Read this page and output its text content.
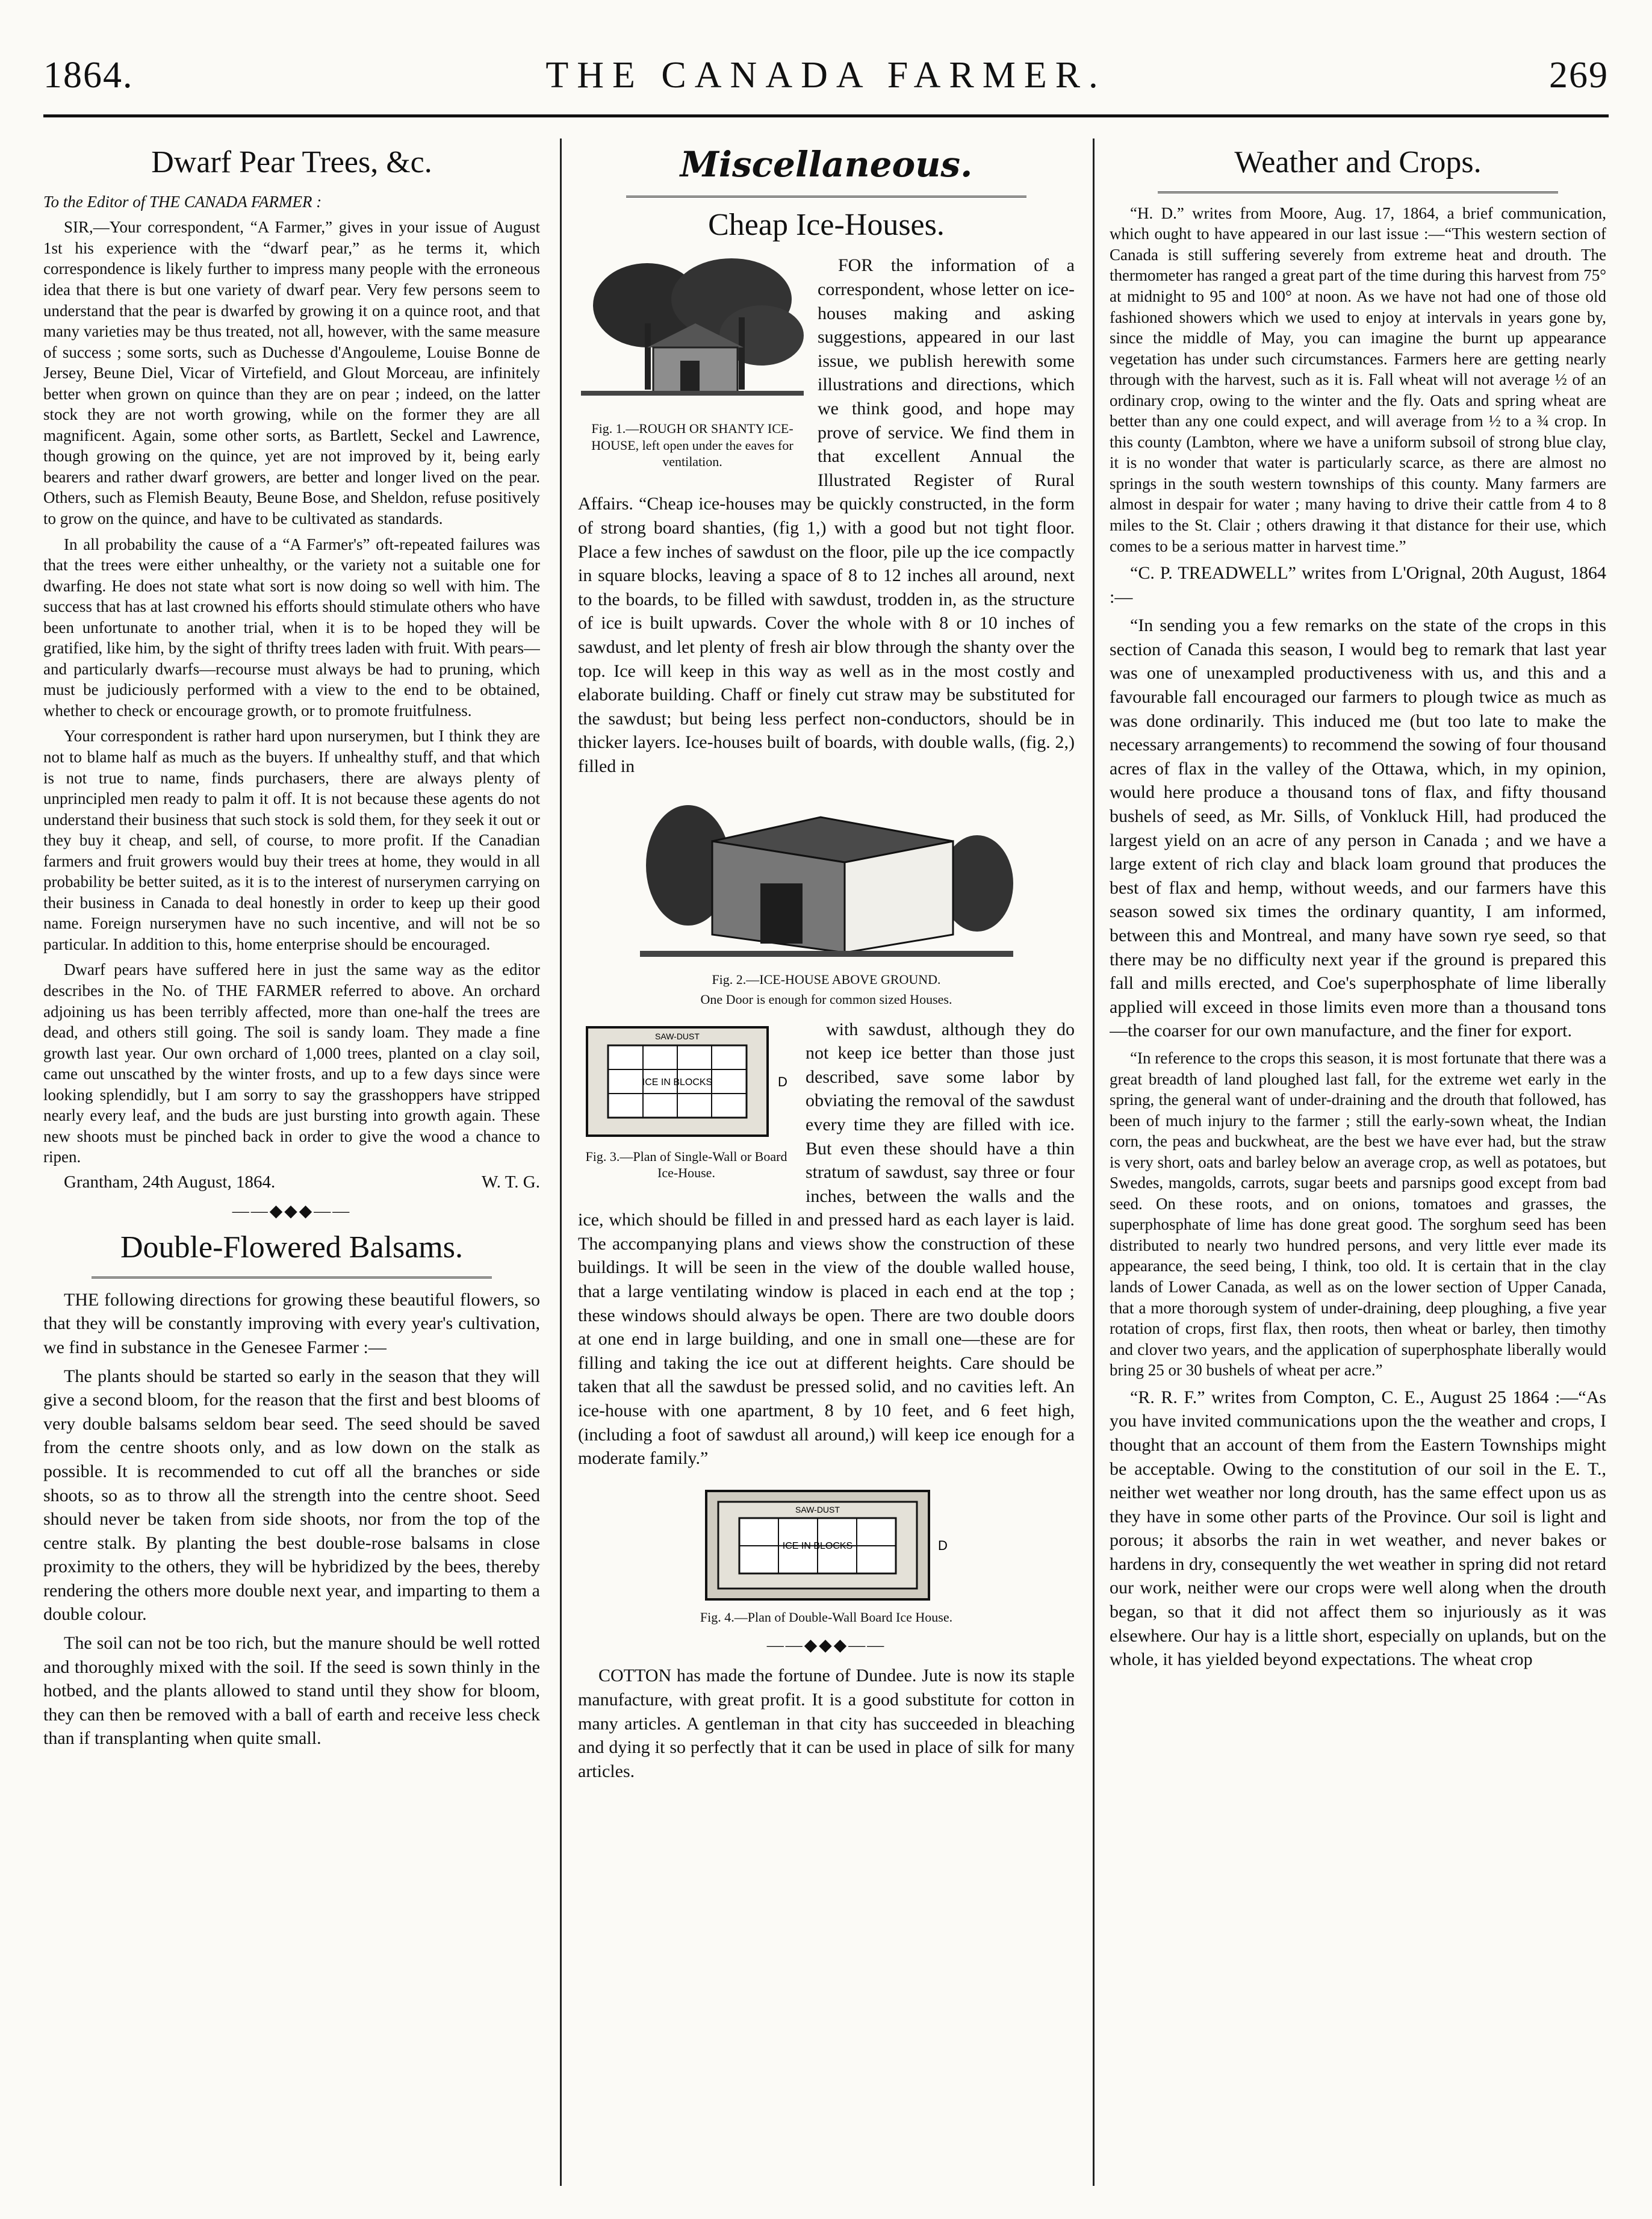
1864.	THE CANADA FARMER.	269
Dwarf Pear Trees, &c.

To the Editor of THE CANADA FARMER :

SIR,—Your correspondent, “A Farmer,” gives in your issue of August 1st his experience with the “dwarf pear,” as he terms it, which correspondence is likely further to impress many people with the erroneous idea that there is but one variety of dwarf pear. Very few persons seem to understand that the pear is dwarfed by growing it on a quince root, and that many varieties may be thus treated, not all, however, with the same measure of success ; some sorts, such as Duchesse d'Angouleme, Louise Bonne de Jersey, Beune Diel, Vicar of Virtefield, and Glout Morceau, are infinitely better when grown on quince than they are on pear ; indeed, on the latter stock they are not worth growing, while on the former they are all magnificent. Again, some other sorts, as Bartlett, Seckel and Lawrence, though growing on the quince, yet are not improved by it, being early bearers and rather dwarf growers, are better and longer lived on the pear. Others, such as Flemish Beauty, Beune Bose, and Sheldon, refuse positively to grow on the quince, and have to be cultivated as standards.

In all probability the cause of a “A Farmer's” oft-repeated failures was that the trees were either unhealthy, or the variety not a suitable one for dwarfing. He does not state what sort is now doing so well with him. The success that has at last crowned his efforts should stimulate others who have been unfortunate to another trial, when it is to be hoped they will be gratified, like him, by the sight of thrifty trees laden with fruit. With pears—and particularly dwarfs—recourse must always be had to pruning, which must be judiciously performed with a view to the end to be obtained, whether to check or encourage growth, or to promote fruitfulness.

Your correspondent is rather hard upon nurserymen, but I think they are not to blame half as much as the buyers. If unhealthy stuff, and that which is not true to name, finds purchasers, there are always plenty of unprincipled men ready to palm it off. It is not because these agents do not understand their business that such stock is sold them, for they seek it out or they buy it cheap, and sell, of course, to more profit. If the Canadian farmers and fruit growers would buy their trees at home, they would in all probability be better suited, as it is to the interest of nurserymen carrying on their business in Canada to deal honestly in order to keep up their good name. Foreign nurserymen have no such incentive, and will not be so particular. In addition to this, home enterprise should be encouraged.

Dwarf pears have suffered here in just the same way as the editor describes in the No. of THE FARMER referred to above. An orchard adjoining us has been terribly affected, more than one-half the trees are dead, and others still going. The soil is sandy loam. They made a fine growth last year. Our own orchard of 1,000 trees, planted on a clay soil, came out unscathed by the winter frosts, and up to a few days since were looking splendidly, but I am sorry to say the grasshoppers have stripped nearly every leaf, and the buds are just bursting into growth again. These new shoots must be pinched back in order to give the wood a chance to ripen.

Grantham, 24th August, 1864.	W. T. G.
——◆◆◆——
Double-Flowered Balsams.

THE following directions for growing these beautiful flowers, so that they will be constantly improving with every year's cultivation, we find in substance in the Genesee Farmer :—

The plants should be started so early in the season that they will give a second bloom, for the reason that the first and best blooms of very double balsams seldom bear seed. The seed should be saved from the centre shoots only, and as low down on the stalk as possible. It is recommended to cut off all the branches or side shoots, so as to throw all the strength into the centre shoot. Seed should never be taken from side shoots, nor from the top of the centre stalk. By planting the best double-rose balsams in close proximity to the others, they will be hybridized by the bees, thereby rendering the others more double next year, and imparting to them a double colour.

The soil can not be too rich, but the manure should be well rotted and thoroughly mixed with the soil. If the seed is sown thinly in the hotbed, and the plants allowed to stand until they show for bloom, they can then be removed with a ball of earth and receive less check than if transplanting when quite small.

Miscellaneous.
Cheap Ice-Houses.
Fig. 1.—ROUGH OR SHANTY ICE-HOUSE, left open under the eaves for ventilation.

FOR the information of a correspondent, whose letter on ice-houses making and asking suggestions, appeared in our last issue, we publish herewith some illustrations and directions, which we think good, and hope may prove of service. We find them in that excellent Annual the Illustrated Register of Rural Affairs. “Cheap ice-houses may be quickly constructed, in the form of strong board shanties, (fig 1,) with a good but not tight floor. Place a few inches of sawdust on the floor, pile up the ice compactly in square blocks, leaving a space of 8 to 12 inches all around, next to the boards, to be filled with sawdust, trodden in, as the structure of ice is built upwards. Cover the whole with 8 or 10 inches of sawdust, and let plenty of fresh air blow through the shanty over the top. Ice will keep in this way as well as in the most costly and elaborate building. Chaff or finely cut straw may be substituted for the sawdust; but being less perfect non-conductors, should be in thicker layers. Ice-houses built of boards, with double walls, (fig. 2,) filled in

Fig. 2.—ICE-HOUSE ABOVE GROUND.
One Door is enough for common sized Houses.
SAW-DUST
ICE IN BLOCKS	D
Fig. 3.—Plan of Single-Wall or Board Ice-House.

with sawdust, although they do not keep ice better than those just described, save some labor by obviating the removal of the sawdust every time they are filled with ice. But even these should have a thin stratum of sawdust, say three or four inches, between the walls and the ice, which should be filled in and pressed hard as each layer is laid. The accompanying plans and views show the construction of these buildings. It will be seen in the view of the double walled house, that a large ventilating window is placed in each end at the top ; these windows should always be open. There are two double doors at one end in large building, and one in small one—these are for filling and taking the ice out at different heights. Care should be taken that all the sawdust be pressed solid, and no cavities left. An ice-house with one apartment, 8 by 10 feet, and 6 feet high, (including a foot of sawdust all around,) will keep ice enough for a moderate family.”

SAW-DUST
ICE IN BLOCKS	D
Fig. 4.—Plan of Double-Wall Board Ice House.
——◆◆◆——

COTTON has made the fortune of Dundee. Jute is now its staple manufacture, with great profit. It is a good substitute for cotton in many articles. A gentleman in that city has succeeded in bleaching and dying it so perfectly that it can be used in place of silk for many articles.

Weather and Crops.

“H. D.” writes from Moore, Aug. 17, 1864, a brief communication, which ought to have appeared in our last issue :—“This western section of Canada is still suffering severely from extreme heat and drouth. The thermometer has ranged a great part of the time during this harvest from 75° at midnight to 95 and 100° at noon. As we have not had one of those old fashioned showers which we used to enjoy at intervals in years gone by, since the middle of May, you can imagine the burnt up appearance vegetation has under such circumstances. Farmers here are getting nearly through with the harvest, such as it is. Fall wheat will not average ½ of an ordinary crop, owing to the winter and the fly. Oats and spring wheat are better than any one could expect, and will average from ½ to a ¾ crop. In this county (Lambton, where we have a uniform subsoil of strong blue clay, it is no wonder that water is particularly scarce, as there are almost no springs in the south western townships of this county. Many farmers are almost in despair for water ; many having to drive their cattle from 4 to 8 miles to the St. Clair ; others drawing it that distance for their use, which comes to be a serious matter in harvest time.”

“C. P. TREADWELL” writes from L'Orignal, 20th August, 1864 :—

“In sending you a few remarks on the state of the crops in this section of Canada this season, I would beg to remark that last year was one of unexampled productiveness with us, and this and a favourable fall encouraged our farmers to plough twice as much as was done ordinarily. This induced me (but too late to make the necessary arrangements) to recommend the sowing of four thousand acres of flax in the valley of the Ottawa, which, in my opinion, would here produce a thousand tons of flax, and fifty thousand bushels of seed, as Mr. Sills, of Vonkluck Hill, had produced the largest yield on an acre of any person in Canada ; and we have a large extent of rich clay and black loam ground that produces the best of flax and hemp, without weeds, and our farmers have this season sowed six times the ordinary quantity, I am informed, between this and Montreal, and many have sown rye seed, so that there may be no difficulty next year if the ground is prepared this fall and mills erected, and Coe's superphosphate of lime liberally applied will exceed in those limits even more than a thousand tons—the coarser for our own manufacture, and the finer for export.

“In reference to the crops this season, it is most fortunate that there was a great breadth of land ploughed last fall, for the extreme wet early in the spring, the general want of under-draining and the drouth that followed, has been of much injury to the farmer ; still the early-sown wheat, the Indian corn, the peas and buckwheat, are the best we have ever had, but the straw is very short, oats and barley below an average crop, as well as potatoes, but Swedes, mangolds, carrots, sugar beets and parsnips good except from bad seed. On these roots, and on onions, tomatoes and grasses, the superphosphate of lime has done great good. The sorghum seed has been distributed to nearly two hundred persons, and very little ever made its appearance, the seed being, I think, too old. It is certain that in the clay lands of Lower Canada, as well as on the lower section of Upper Canada, that a more thorough system of under-draining, deep ploughing, a five year rotation of crops, first flax, then roots, then wheat or barley, then timothy and clover two years, and the application of superphosphate liberally would bring 25 or 30 bushels of wheat per acre.”

“R. R. F.” writes from Compton, C. E., August 25 1864 :—“As you have invited communications upon the the weather and crops, I thought that an account of them from the Eastern Townships might be acceptable. Owing to the constitution of our soil in the E. T., neither wet weather nor long drouth, has the same effect upon us as they have in some other parts of the Province. Our soil is light and porous; it absorbs the rain in wet weather, and never bakes or hardens in dry, consequently the wet weather in spring did not retard our work, neither were our crops were well along when the drouth began, so that it did not affect them so injuriously as it was elsewhere. Our hay is a little short, especially on uplands, but on the whole, it has yielded beyond expectations. The wheat crop
